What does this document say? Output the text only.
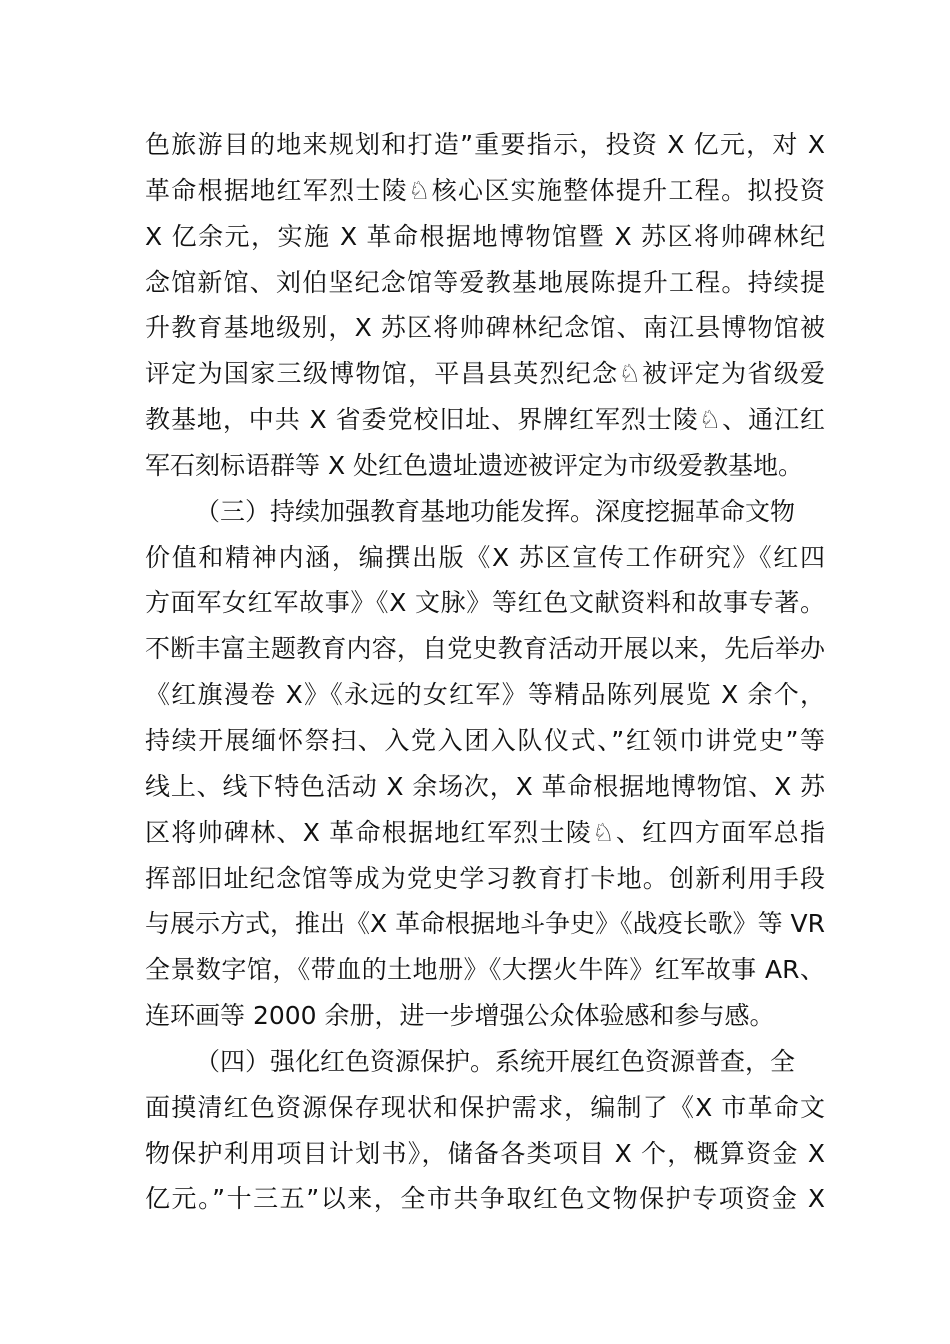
色旅游目的地来规划和打造”重要指示，投资 X 亿元，对 X
革命根据地红军烈士陵♘核心区实施整体提升工程。拟投资
X 亿余元，实施 X 革命根据地博物馆暨 X 苏区将帅碑林纪
念馆新馆、刘伯坚纪念馆等爱教基地展陈提升工程。持续提
升教育基地级别，X 苏区将帅碑林纪念馆、南江县博物馆被
评定为国家三级博物馆，平昌县英烈纪念♘被评定为省级爱
教基地，中共 X 省委党校旧址、界牌红军烈士陵♘、通江红
军石刻标语群等 X 处红色遗址遗迹被评定为市级爱教基地。
（三）持续加强教育基地功能发挥。深度挖掘革命文物
价值和精神内涵，编撰出版《X 苏区宣传工作研究》《红四
方面军女红军故事》《X 文脉》等红色文献资料和故事专著。
不断丰富主题教育内容，自党史教育活动开展以来，先后举办
《红旗漫卷 X》《永远的女红军》等精品陈列展览 X 余个，
持续开展缅怀祭扫、入党入团入队仪式、”红领巾讲党史”等
线上、线下特色活动 X 余场次，X 革命根据地博物馆、X 苏
区将帅碑林、X 革命根据地红军烈士陵♘、红四方面军总指
挥部旧址纪念馆等成为党史学习教育打卡地。创新利用手段
与展示方式，推出《X 革命根据地斗争史》《战疫长歌》等 VR
全景数字馆，《带血的土地册》《大摆火牛阵》红军故事 AR、
连环画等 2000 余册，进一步增强公众体验感和参与感。
（四）强化红色资源保护。系统开展红色资源普查，全
面摸清红色资源保存现状和保护需求，编制了《X 市革命文
物保护利用项目计划书》，储备各类项目 X 个，概算资金 X
亿元。”十三五”以来，全市共争取红色文物保护专项资金 X
